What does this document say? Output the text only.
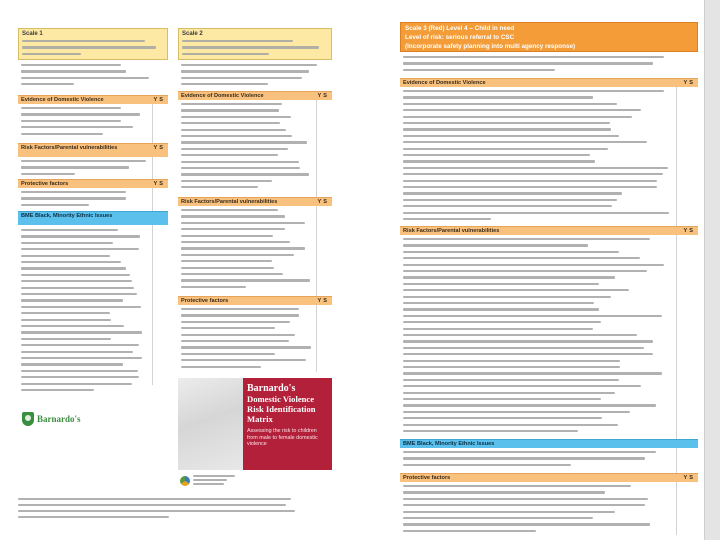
Scale 1
Evidence of Domestic Violence	YS
Risk Factors/Parental vulnerabilities	YS
Protective factors	YS
BME Black, Minority Ethnic Issues
Barnardo's
Scale 2
Evidence of Domestic Violence	YS
Risk Factors/Parental vulnerabilities	YS
Protective factors	YS
Barnardo's
Domestic Violence
Risk Identification
Matrix
Assessing the risk to children from male to female domestic violence
Scale 3 (Red) Level 4 – Child in need
Level of risk: serious referral to CSC
(Incorporate safety planning into multi agency response)
Evidence of Domestic Violence	YS
Risk Factors/Parental vulnerabilities	YS
BME Black, Minority Ethnic Issues
Protective factors	YS
